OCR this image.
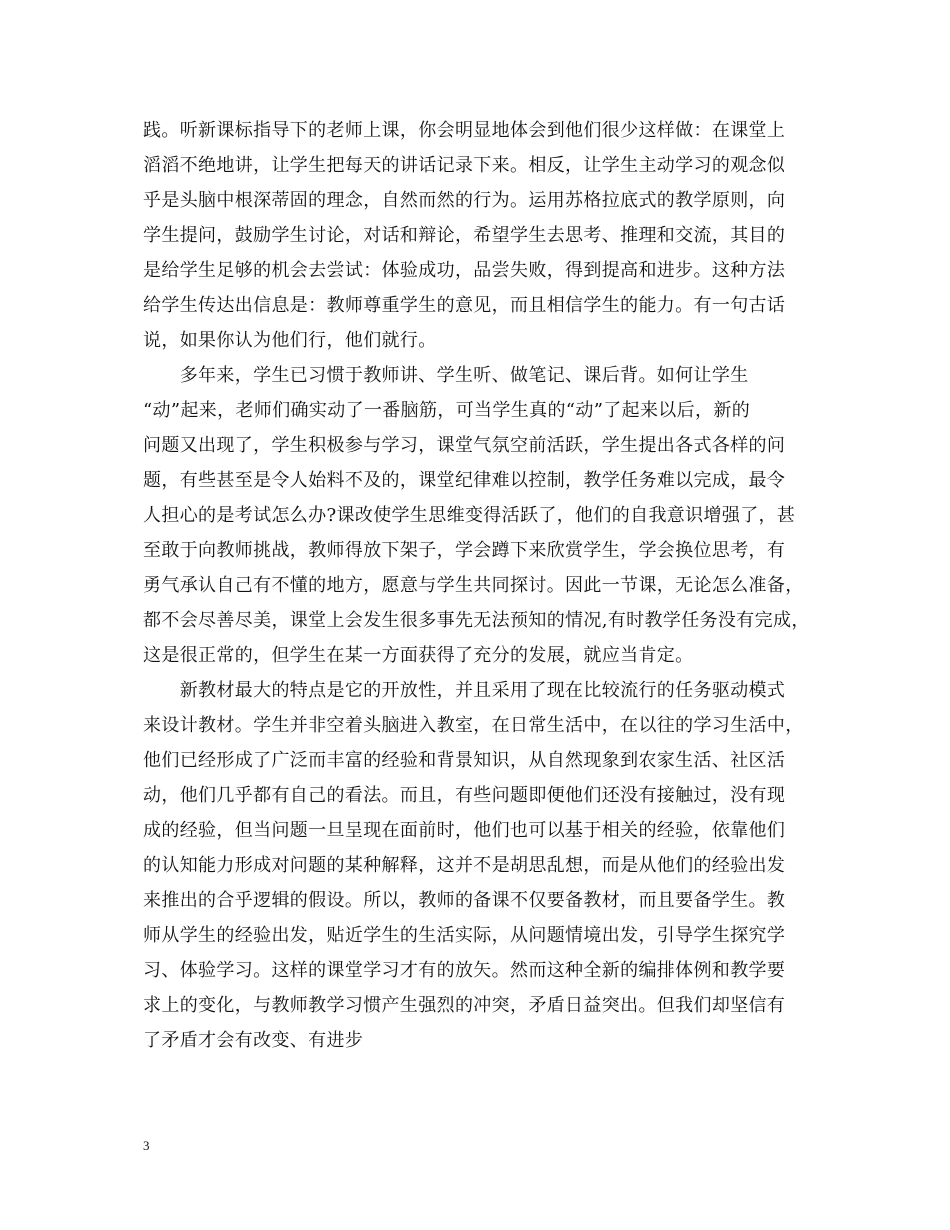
践。听新课标指导下的老师上课，你会明显地体会到他们很少这样做：在课堂上
滔滔不绝地讲，让学生把每天的讲话记录下来。相反，让学生主动学习的观念似
乎是头脑中根深蒂固的理念，自然而然的行为。运用苏格拉底式的教学原则，向
学生提问，鼓励学生讨论，对话和辩论，希望学生去思考、推理和交流，其目的
是给学生足够的机会去尝试：体验成功，品尝失败，得到提高和进步。这种方法
给学生传达出信息是：教师尊重学生的意见，而且相信学生的能力。有一句古话
说，如果你认为他们行，他们就行。
　　多年来，学生已习惯于教师讲、学生听、做笔记、课后背。如何让学生
“动”起来，老师们确实动了一番脑筋，可当学生真的“动”了起来以后，新的
问题又出现了，学生积极参与学习，课堂气氛空前活跃，学生提出各式各样的问
题，有些甚至是令人始料不及的，课堂纪律难以控制，教学任务难以完成，最令
人担心的是考试怎么办?课改使学生思维变得活跃了，他们的自我意识增强了，甚
至敢于向教师挑战，教师得放下架子，学会蹲下来欣赏学生，学会换位思考，有
勇气承认自己有不懂的地方，愿意与学生共同探讨。因此一节课，无论怎么准备，
都不会尽善尽美，课堂上会发生很多事先无法预知的情况,有时教学任务没有完成，
这是很正常的，但学生在某一方面获得了充分的发展，就应当肯定。
　　新教材最大的特点是它的开放性，并且采用了现在比较流行的任务驱动模式
来设计教材。学生并非空着头脑进入教室，在日常生活中，在以往的学习生活中，
他们已经形成了广泛而丰富的经验和背景知识，从自然现象到农家生活、社区活
动，他们几乎都有自己的看法。而且，有些问题即便他们还没有接触过，没有现
成的经验，但当问题一旦呈现在面前时，他们也可以基于相关的经验，依靠他们
的认知能力形成对问题的某种解释，这并不是胡思乱想，而是从他们的经验出发
来推出的合乎逻辑的假设。所以，教师的备课不仅要备教材，而且要备学生。教
师从学生的经验出发，贴近学生的生活实际，从问题情境出发，引导学生探究学
习、体验学习。这样的课堂学习才有的放矢。然而这种全新的编排体例和教学要
求上的变化，与教师教学习惯产生强烈的冲突，矛盾日益突出。但我们却坚信有
了矛盾才会有改变、有进步
3
